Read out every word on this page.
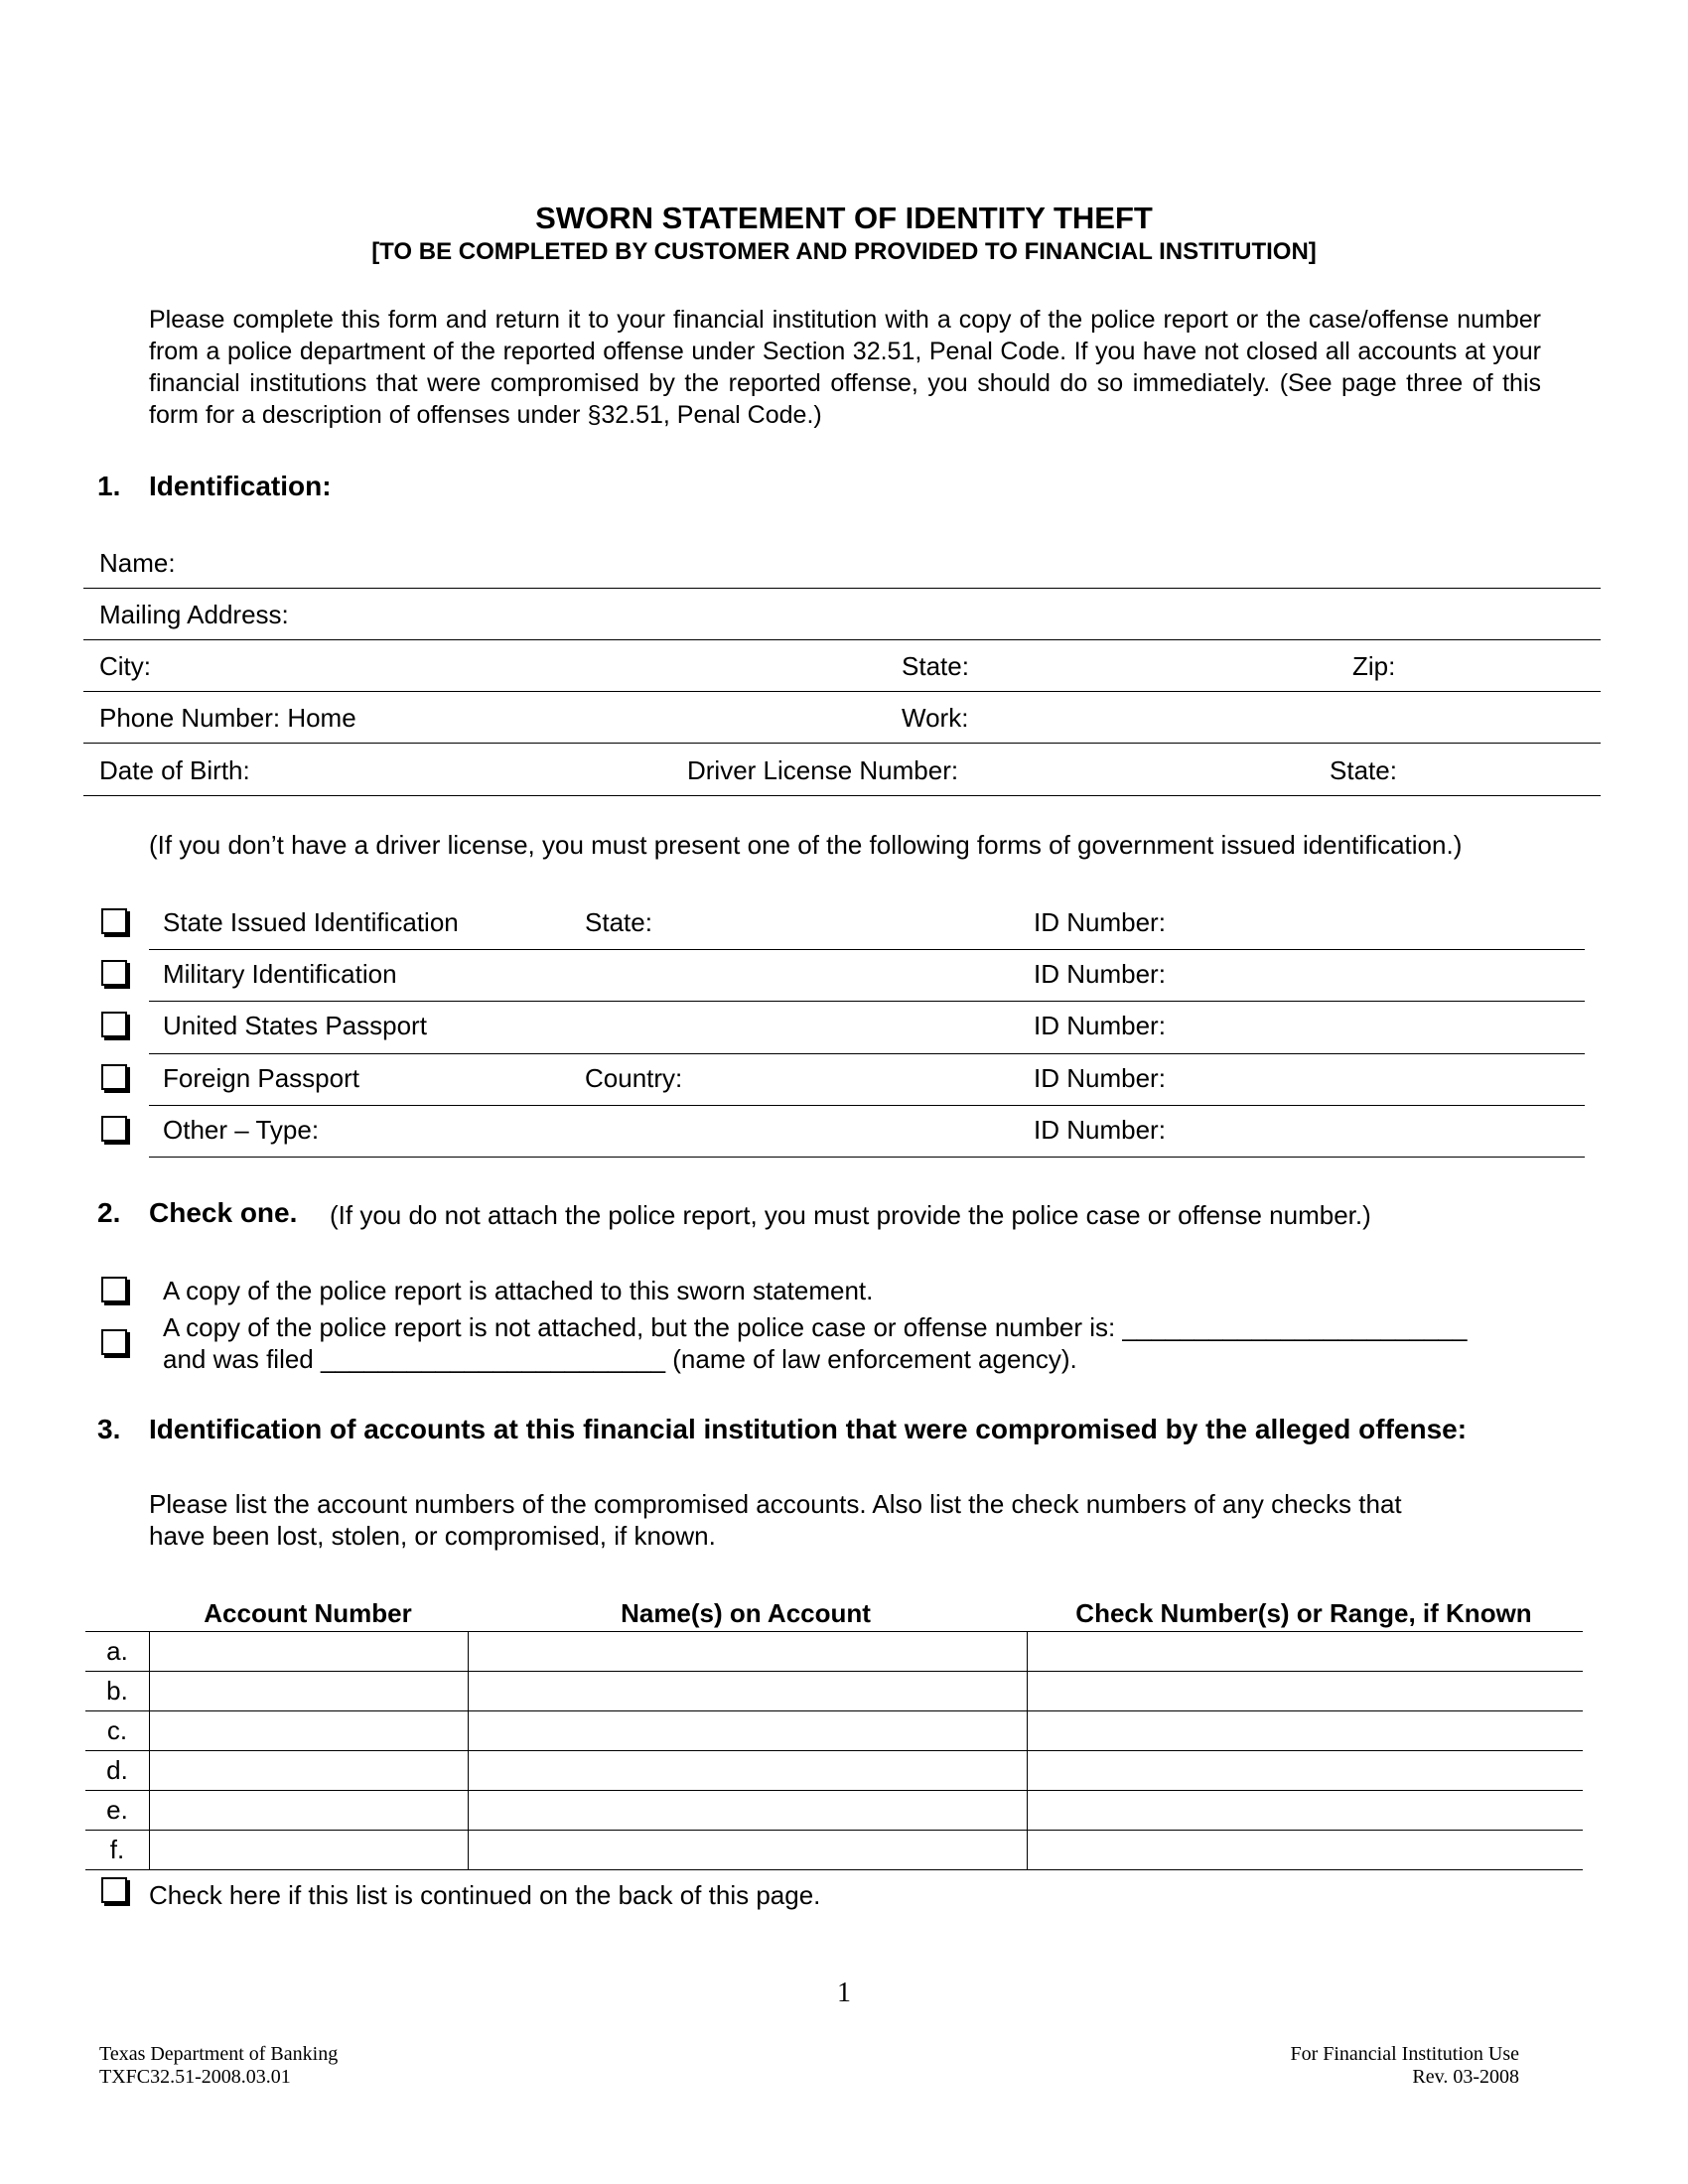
SWORN STATEMENT OF IDENTITY THEFT
[TO BE COMPLETED BY CUSTOMER AND PROVIDED TO FINANCIAL INSTITUTION]
Please complete this form and return it to your financial institution with a copy of the police report or the case/offense number from a police department of the reported offense under Section 32.51, Penal Code. If you have not closed all accounts at your financial institutions that were compromised by the reported offense, you should do so immediately. (See page three of this form for a description of offenses under §32.51, Penal Code.)
1. Identification:
Name:
Mailing Address:
City:	State:	Zip:
Phone Number: Home	Work:
Date of Birth:	Driver License Number:	State:
(If you don’t have a driver license, you must present one of the following forms of government issued identification.)
State Issued Identification	State:	ID Number:
Military Identification	ID Number:
United States Passport	ID Number:
Foreign Passport	Country:	ID Number:
Other – Type:	ID Number:
2. Check one. (If you do not attach the police report, you must provide the police case or offense number.)
A copy of the police report is attached to this sworn statement.
A copy of the police report is not attached, but the police case or offense number is: ________________________
and was filed ________________________ (name of law enforcement agency).
3. Identification of accounts at this financial institution that were compromised by the alleged offense:
Please list the account numbers of the compromised accounts. Also list the check numbers of any checks that
have been lost, stolen, or compromised, if known.
Account Number	Name(s) on Account	Check Number(s) or Range, if Known
a.			
b.			
c.			
d.			
e.			
f.			
Check here if this list is continued on the back of this page.
1
Texas Department of Banking
TXFC32.51-2008.03.01
For Financial Institution Use
Rev. 03-2008
